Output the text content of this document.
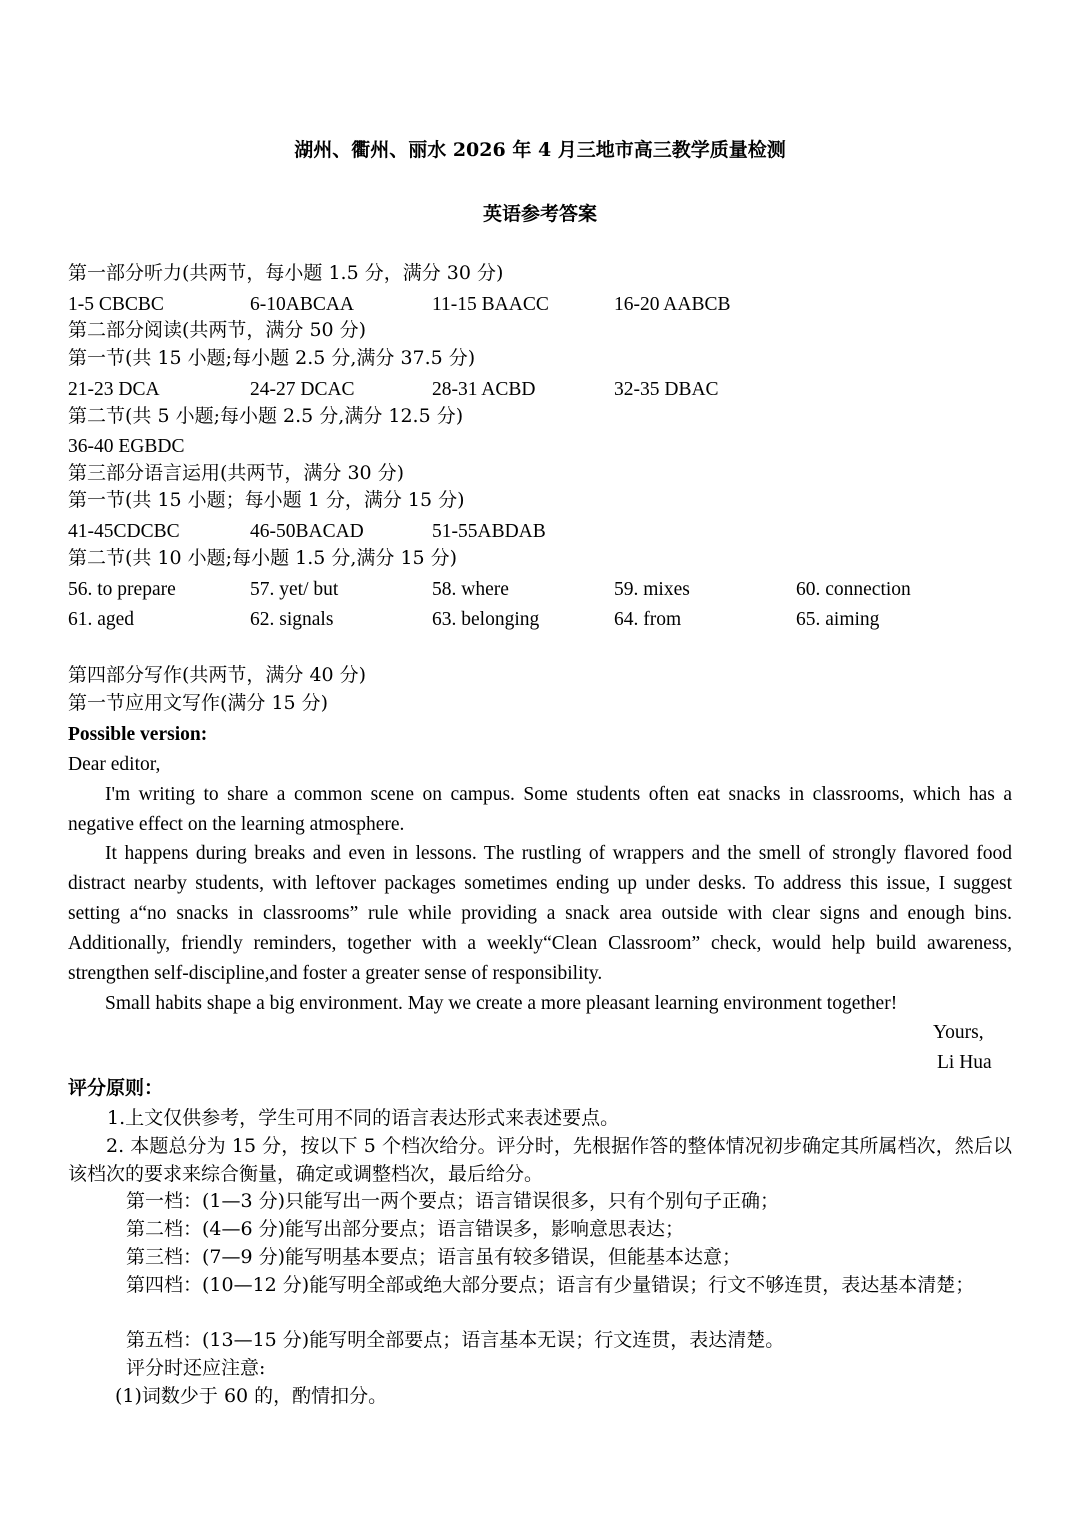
湖州、衢州、丽水 2026 年 4 月三地市高三教学质量检测
英语参考答案
第一部分听力(共两节，每小题 1.5 分，满分 30 分)
1-5 CBCBC	6-10ABCAA	11-15 BAACC	16-20 AABCB
第二部分阅读(共两节，满分 50 分)
第一节(共 15 小题;每小题 2.5 分,满分 37.5 分)
21-23 DCA	24-27 DCAC	28-31 ACBD	32-35 DBAC
第二节(共 5 小题;每小题 2.5 分,满分 12.5 分)
36-40 EGBDC
第三部分语言运用(共两节，满分 30 分)
第一节(共 15 小题；每小题 1 分，满分 15 分)
41-45CDCBC	46-50BACAD	51-55ABDAB
第二节(共 10 小题;每小题 1.5 分,满分 15 分)
56. to prepare	57. yet/ but	58. where	59. mixes	60. connection
61. aged	62. signals	63. belonging	64. from	65. aiming
第四部分写作(共两节，满分 40 分)
第一节应用文写作(满分 15 分)
Possible version:
Dear editor,
I'm writing to share a common scene on campus. Some students often eat snacks in classrooms, which has a negative effect on the learning atmosphere.
It happens during breaks and even in lessons. The rustling of wrappers and the smell of strongly flavored food distract nearby students, with leftover packages sometimes ending up under desks. To address this issue, I suggest setting a“no snacks in classrooms” rule while providing a snack area outside with clear signs and enough bins. Additionally, friendly reminders, together with a weekly“Clean Classroom” check, would help build awareness, strengthen self-discipline,and foster a greater sense of responsibility.
Small habits shape a big environment. May we create a more pleasant learning environment together!
Yours,
Li Hua
评分原则：
1.上文仅供参考，学生可用不同的语言表达形式来表述要点。
2. 本题总分为 15 分，按以下 5 个档次给分。评分时，先根据作答的整体情况初步确定其所属档次，然后以该档次的要求来综合衡量，确定或调整档次，最后给分。
第一档：(1—3 分)只能写出一两个要点；语言错误很多，只有个别句子正确；
第二档：(4—6 分)能写出部分要点；语言错误多，影响意思表达；
第三档：(7—9 分)能写明基本要点；语言虽有较多错误，但能基本达意；
第四档：(10—12 分)能写明全部或绝大部分要点；语言有少量错误；行文不够连贯，表达基本清楚；
第五档：(13—15 分)能写明全部要点；语言基本无误；行文连贯，表达清楚。
评分时还应注意:
(1)词数少于 60 的，酌情扣分。
